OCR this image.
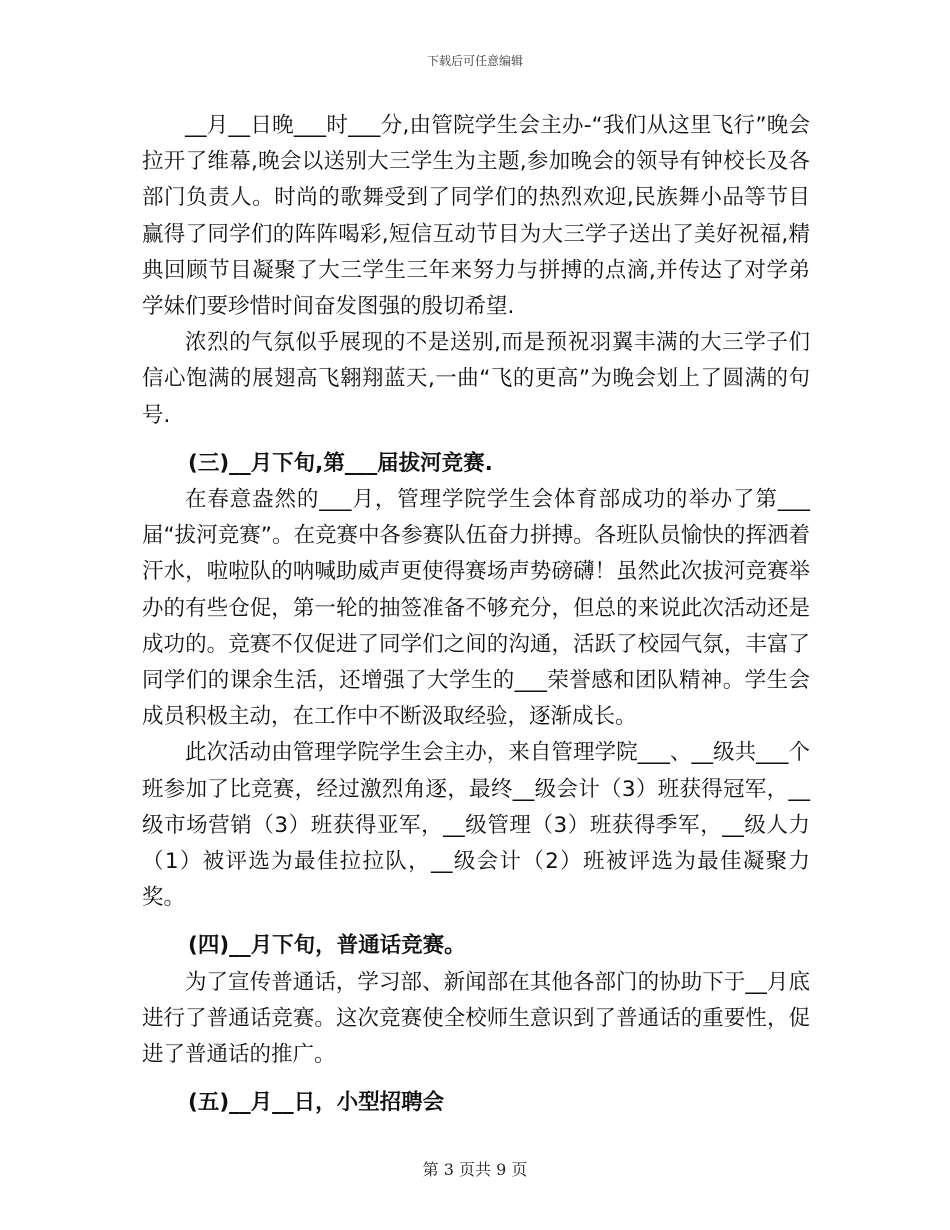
下载后可任意编辑

__月__日晚___时___分,由管院学生会主办-“我们从这里飞行”晚会拉开了维幕,晚会以送别大三学生为主题,参加晚会的领导有钟校长及各部门负责人。时尚的歌舞受到了同学们的热烈欢迎,民族舞小品等节目赢得了同学们的阵阵喝彩,短信互动节目为大三学子送出了美好祝福,精典回顾节目凝聚了大三学生三年来努力与拼搏的点滴,并传达了对学弟学妹们要珍惜时间奋发图强的殷切希望.

浓烈的气氛似乎展现的不是送别,而是预祝羽翼丰满的大三学子们信心饱满的展翅高飞翱翔蓝天,一曲“飞的更高”为晚会划上了圆满的句号.

(三)__月下旬,第___届拔河竞赛.

在春意盎然的___月，管理学院学生会体育部成功的举办了第___届“拔河竞赛”。在竞赛中各参赛队伍奋力拼搏。各班队员愉快的挥洒着汗水，啦啦队的呐喊助威声更使得赛场声势磅礴！虽然此次拔河竞赛举办的有些仓促，第一轮的抽签准备不够充分，但总的来说此次活动还是成功的。竞赛不仅促进了同学们之间的沟通，活跃了校园气氛，丰富了同学们的课余生活，还增强了大学生的___荣誉感和团队精神。学生会成员积极主动，在工作中不断汲取经验，逐渐成长。

此次活动由管理学院学生会主办，来自管理学院___、__级共___个班参加了比竞赛，经过激烈角逐，最终__级会计（3）班获得冠军，__级市场营销（3）班获得亚军，__级管理（3）班获得季军，__级人力（1）被评选为最佳拉拉队，__级会计（2）班被评选为最佳凝聚力奖。

(四)__月下旬，普通话竞赛。

为了宣传普通话，学习部、新闻部在其他各部门的协助下于__月底进行了普通话竞赛。这次竞赛使全校师生意识到了普通话的重要性，促进了普通话的推广。

(五)__月__日，小型招聘会
第 3 页共 9 页
